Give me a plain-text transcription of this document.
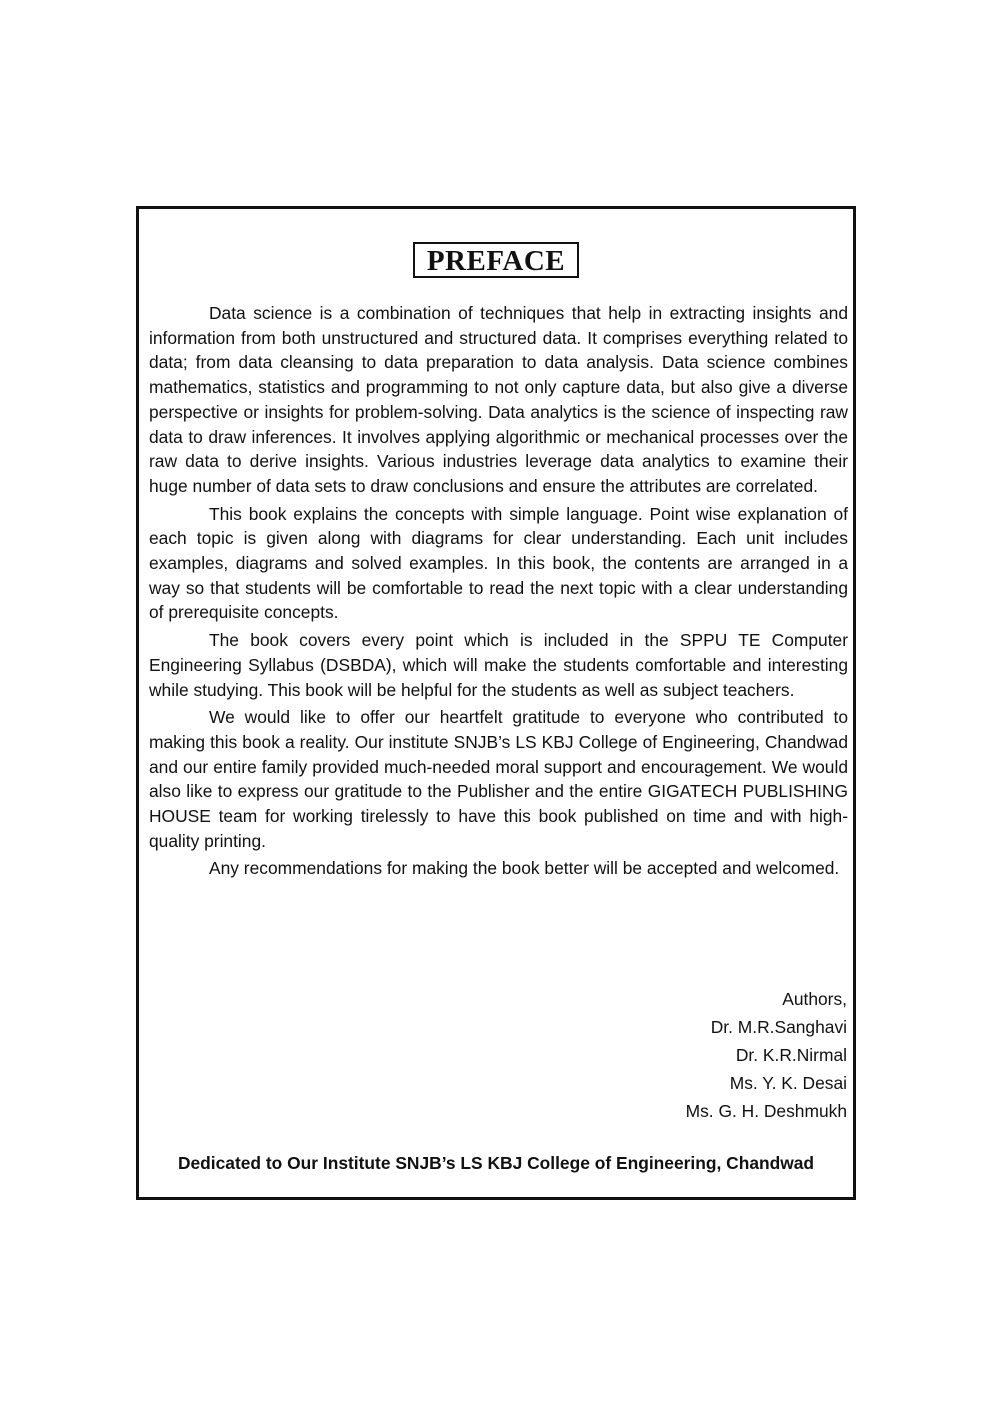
PREFACE

Data science is a combination of techniques that help in extracting insights and information from both unstructured and structured data. It comprises everything related to data; from data cleansing to data preparation to data analysis. Data science combines mathematics, statistics and programming to not only capture data, but also give a diverse perspective or insights for problem-solving. Data analytics is the science of inspecting raw data to draw inferences. It involves applying algorithmic or mechanical processes over the raw data to derive insights. Various industries leverage data analytics to examine their huge number of data sets to draw conclusions and ensure the attributes are correlated.

This book explains the concepts with simple language. Point wise explanation of each topic is given along with diagrams for clear understanding. Each unit includes examples, diagrams and solved examples. In this book, the contents are arranged in a way so that students will be comfortable to read the next topic with a clear understanding of prerequisite concepts.

The book covers every point which is included in the SPPU TE Computer Engineering Syllabus (DSBDA), which will make the students comfortable and interesting while studying. This book will be helpful for the students as well as subject teachers.

We would like to offer our heartfelt gratitude to everyone who contributed to making this book a reality. Our institute SNJB’s LS KBJ College of Engineering, Chandwad and our entire family provided much-needed moral support and encouragement. We would also like to express our gratitude to the Publisher and the entire GIGATECH PUBLISHING HOUSE team for working tirelessly to have this book published on time and with high-quality printing.

Any recommendations for making the book better will be accepted and welcomed.

Authors,
Dr. M.R.Sanghavi
Dr. K.R.Nirmal
Ms. Y. K. Desai
Ms. G. H. Deshmukh
Dedicated to Our Institute SNJB’s LS KBJ College of Engineering, Chandwad
